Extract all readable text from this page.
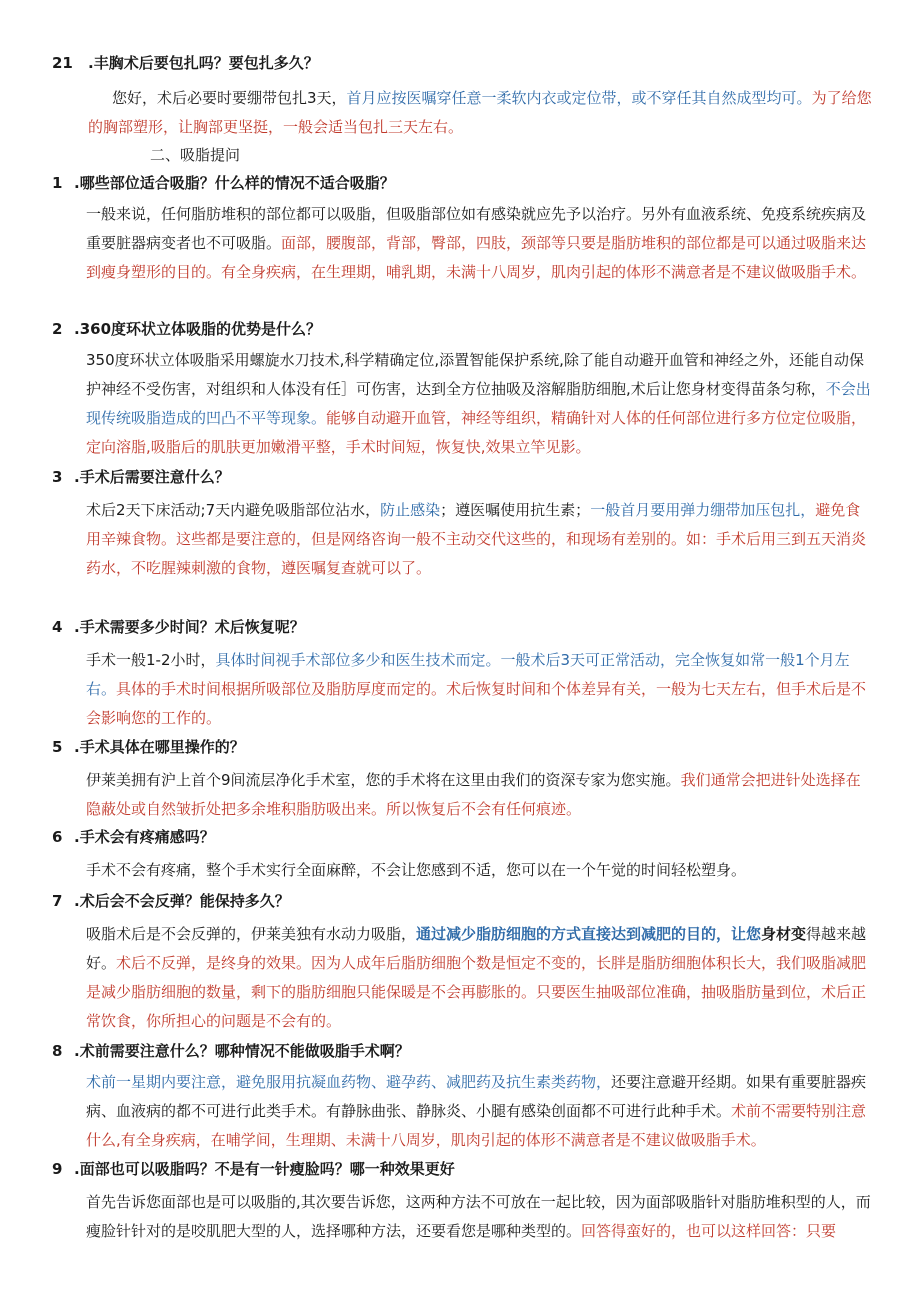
21 .丰胸术后要包扎吗？要包扎多久？
您好，术后必要时要绷带包扎3天，首月应按医嘱穿任意一柔软内衣或定位带，或不穿任其自然成型均可。为了给您的胸部塑形，让胸部更坚挺，一般会适当包扎三天左右。
二、吸脂提问
1 .哪些部位适合吸脂？什么样的情况不适合吸脂？
一般来说，任何脂肪堆积的部位都可以吸脂，但吸脂部位如有感染就应先予以治疗。另外有血液系统、免疫系统疾病及重要脏器病变者也不可吸脂。面部，腰腹部，背部，臀部，四肢，颈部等只要是脂肪堆积的部位都是可以通过吸脂来达到瘦身塑形的目的。有全身疾病，在生理期，哺乳期，未满十八周岁，肌肉引起的体形不满意者是不建议做吸脂手术。
2 .360度环状立体吸脂的优势是什么？
350度环状立体吸脂采用螺旋水刀技术,科学精确定位,添置智能保护系统,除了能自动避开血管和神经之外，还能自动保护神经不受伤害，对组织和人体没有任］可伤害，达到全方位抽吸及溶解脂肪细胞,术后让您身材变得苗条匀称，不会出现传统吸脂造成的凹凸不平等现象。能够自动避开血管，神经等组织，精确针对人体的任何部位进行多方位定位吸脂，定向溶脂,吸脂后的肌肤更加嫩滑平整，手术时间短，恢复快,效果立竿见影。
3 .手术后需要注意什么？
术后2天下床活动;7天内避免吸脂部位沾水，防止感染；遵医嘱使用抗生素；一般首月要用弹力绷带加压包扎，避免食用辛辣食物。这些都是要注意的，但是网络咨询一般不主动交代这些的，和现场有差别的。如：手术后用三到五天消炎药水，不吃腥辣刺激的食物，遵医嘱复查就可以了。
4 .手术需要多少时间？术后恢复呢？
手术一般1-2小时，具体时间视手术部位多少和医生技术而定。一般术后3天可正常活动，完全恢复如常一般1个月左右。具体的手术时间根据所吸部位及脂肪厚度而定的。术后恢复时间和个体差异有关，一般为七天左右，但手术后是不会影响您的工作的。
5 .手术具体在哪里操作的？
伊莱美拥有沪上首个9间流层净化手术室，您的手术将在这里由我们的资深专家为您实施。我们通常会把进针处选择在隐蔽处或自然皱折处把多余堆积脂肪吸出来。所以恢复后不会有任何痕迹。
6 .手术会有疼痛感吗？
手术不会有疼痛，整个手术实行全面麻醉，不会让您感到不适，您可以在一个午觉的时间轻松塑身。
7 .术后会不会反弹？能保持多久？
吸脂术后是不会反弹的，伊莱美独有水动力吸脂，通过减少脂肪细胞的方式直接达到减肥的目的，让您身材变得越来越好。术后不反弹，是终身的效果。因为人成年后脂肪细胞个数是恒定不变的，长胖是脂肪细胞体积长大，我们吸脂减肥是减少脂肪细胞的数量，剩下的脂肪细胞只能保暖是不会再膨胀的。只要医生抽吸部位准确，抽吸脂肪量到位，术后正常饮食，你所担心的问题是不会有的。
8 .术前需要注意什么？哪种情况不能做吸脂手术啊？
术前一星期内要注意，避免服用抗凝血药物、避孕药、减肥药及抗生素类药物，还要注意避开经期。如果有重要脏器疾病、血液病的都不可进行此类手术。有静脉曲张、静脉炎、小腿有感染创面都不可进行此种手术。术前不需要特别注意什么,有全身疾病，在哺学间，生理期、未满十八周岁，肌肉引起的体形不满意者是不建议做吸脂手术。
9 .面部也可以吸脂吗？不是有一针瘦脸吗？哪一种效果更好
首先告诉您面部也是可以吸脂的,其次要告诉您，这两种方法不可放在一起比较，因为面部吸脂针对脂肪堆积型的人，而瘦脸针针对的是咬肌肥大型的人，选择哪种方法，还要看您是哪种类型的。回答得蛮好的，也可以这样回答：只要
